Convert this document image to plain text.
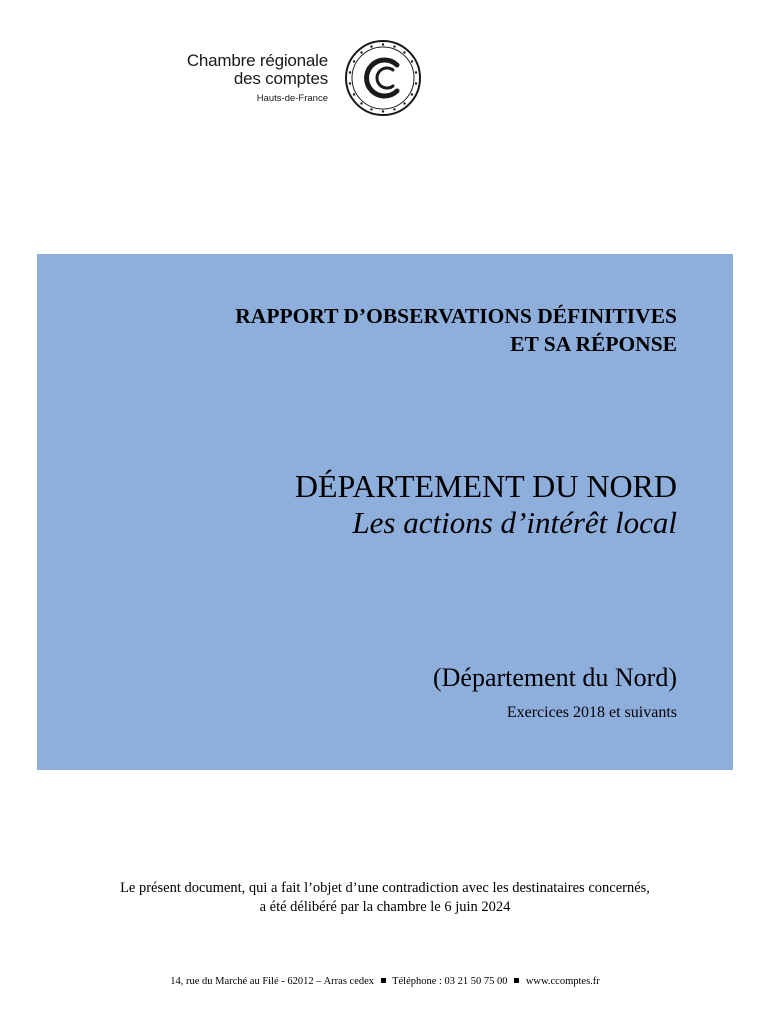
Chambre régionale
des comptes
Hauts-de-France
RAPPORT D’OBSERVATIONS DÉFINITIVES
ET SA RÉPONSE
DÉPARTEMENT DU NORD
Les actions d’intérêt local
(Département du Nord)
Exercices 2018 et suivants
Le présent document, qui a fait l’objet d’une contradiction avec les destinataires concernés,
a été délibéré par la chambre le 6 juin 2024
14, rue du Marché au Filé - 62012 – Arras cedex Téléphone : 03 21 50 75 00 www.ccomptes.fr
